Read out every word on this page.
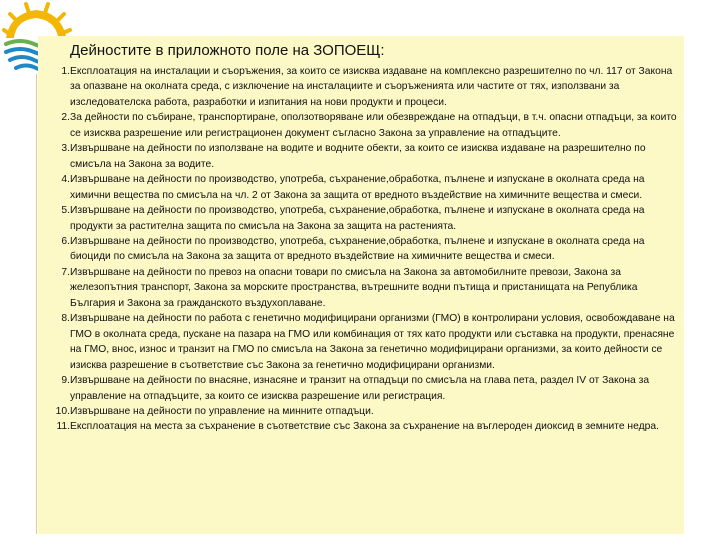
Дейностите в приложното поле на ЗОПОЕЩ:
1. Експлоатация на инсталации и съоръжения, за които се изисква издаване на комплексно разрешително по чл. 117 от Закона за опазване на околната среда, с изключение на инсталациите и съоръженията или частите от тях, използвани за изследователска работа, разработки и изпитания на нови продукти и процеси.
2. За дейности по събиране, транспортиране, оползотворяване или обезвреждане на отпадъци, в т.ч. опасни отпадъци, за които се изисква разрешение или регистрационен документ съгласно Закона за управление на отпадъците.
3. Извършване на дейности по използване на водите и водните обекти, за които се изисква издаване на разрешително по смисъла на Закона за водите.
4. Извършване на дейности по производство, употреба, съхранение,обработка, пълнене и изпускане в околната среда на химични вещества по смисъла на чл. 2 от Закона за защита от вредното въздействие на химичните вещества и смеси.
5. Извършване на дейности по производство, употреба, съхранение,обработка, пълнене и изпускане в околната среда на продукти за растителна защита по смисъла на Закона за защита на растенията.
6. Извършване на дейности по производство, употреба, съхранение,обработка, пълнене и изпускане в околната среда на биоциди по смисъла на Закона за защита от вредното въздействие на химичните вещества и смеси.
7. Извършване на дейности по превоз на опасни товари по смисъла на Закона за автомобилните превози, Закона за железопътния транспорт, Закона за морските пространства, вътрешните водни пътища и пристанищата на Република България и Закона за гражданското въздухоплаване.
8. Извършване на дейности по работа с генетично модифицирани организми (ГМО) в контролирани условия, освобождаване на ГМО в околната среда, пускане на пазара на ГМО или комбинация от тях като продукти или съставка на продукти, пренасяне на ГМО, внос, износ и транзит на ГМО по смисъла на Закона за генетично модифицирани организми, за които дейности се изисква разрешение в съответствие със Закона за генетично модифицирани организми.
9. Извършване на дейности по внасяне, изнасяне и транзит на отпадъци по смисъла на глава пета, раздел IV от Закона за управление на отпадъците, за които се изисква разрешение или регистрация.
10. Извършване на дейности по управление на минните отпадъци.
11. Експлоатация на места за съхранение в съответствие със Закона за съхранение на въглероден диоксид в земните недра.
